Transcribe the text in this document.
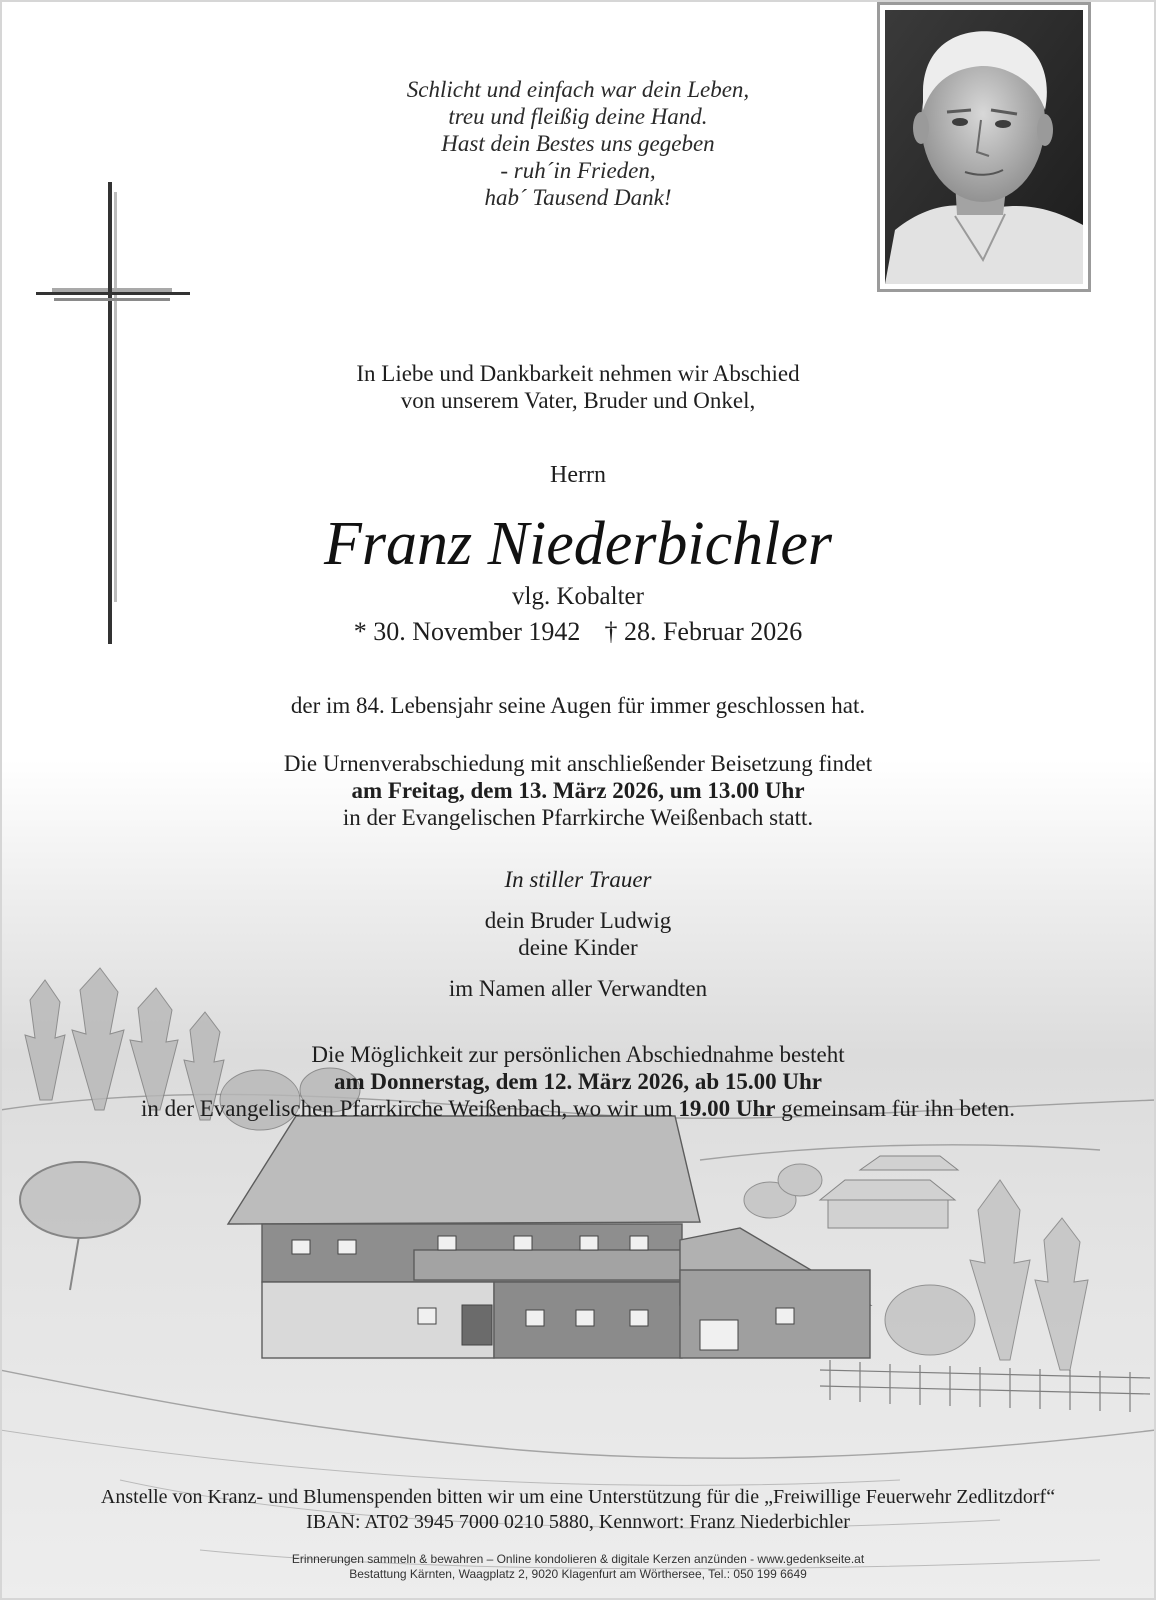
Schlicht und einfach war dein Leben,
treu und fleißig deine Hand.
Hast dein Bestes uns gegeben
- ruh´in Frieden,
hab´ Tausend Dank!
In Liebe und Dankbarkeit nehmen wir Abschied
von unserem Vater, Bruder und Onkel,
Herrn
Franz Niederbichler
vlg. Kobalter
* 30. November 1942 † 28. Februar 2026
der im 84. Lebensjahr seine Augen für immer geschlossen hat.
Die Urnenverabschiedung mit anschließender Beisetzung findet
am Freitag, dem 13. März 2026, um 13.00 Uhr
in der Evangelischen Pfarrkirche Weißenbach statt.
In stiller Trauer
dein Bruder Ludwig
deine Kinder
im Namen aller Verwandten
Die Möglichkeit zur persönlichen Abschiednahme besteht
am Donnerstag, dem 12. März 2026, ab 15.00 Uhr
in der Evangelischen Pfarrkirche Weißenbach, wo wir um 19.00 Uhr gemeinsam für ihn beten.
Anstelle von Kranz- und Blumenspenden bitten wir um eine Unterstützung für die „Freiwillige Feuerwehr Zedlitzdorf“
IBAN: AT02 3945 7000 0210 5880, Kennwort: Franz Niederbichler
Erinnerungen sammeln & bewahren – Online kondolieren & digitale Kerzen anzünden - www.gedenkseite.at
Bestattung Kärnten, Waagplatz 2, 9020 Klagenfurt am Wörthersee, Tel.: 050 199 6649
